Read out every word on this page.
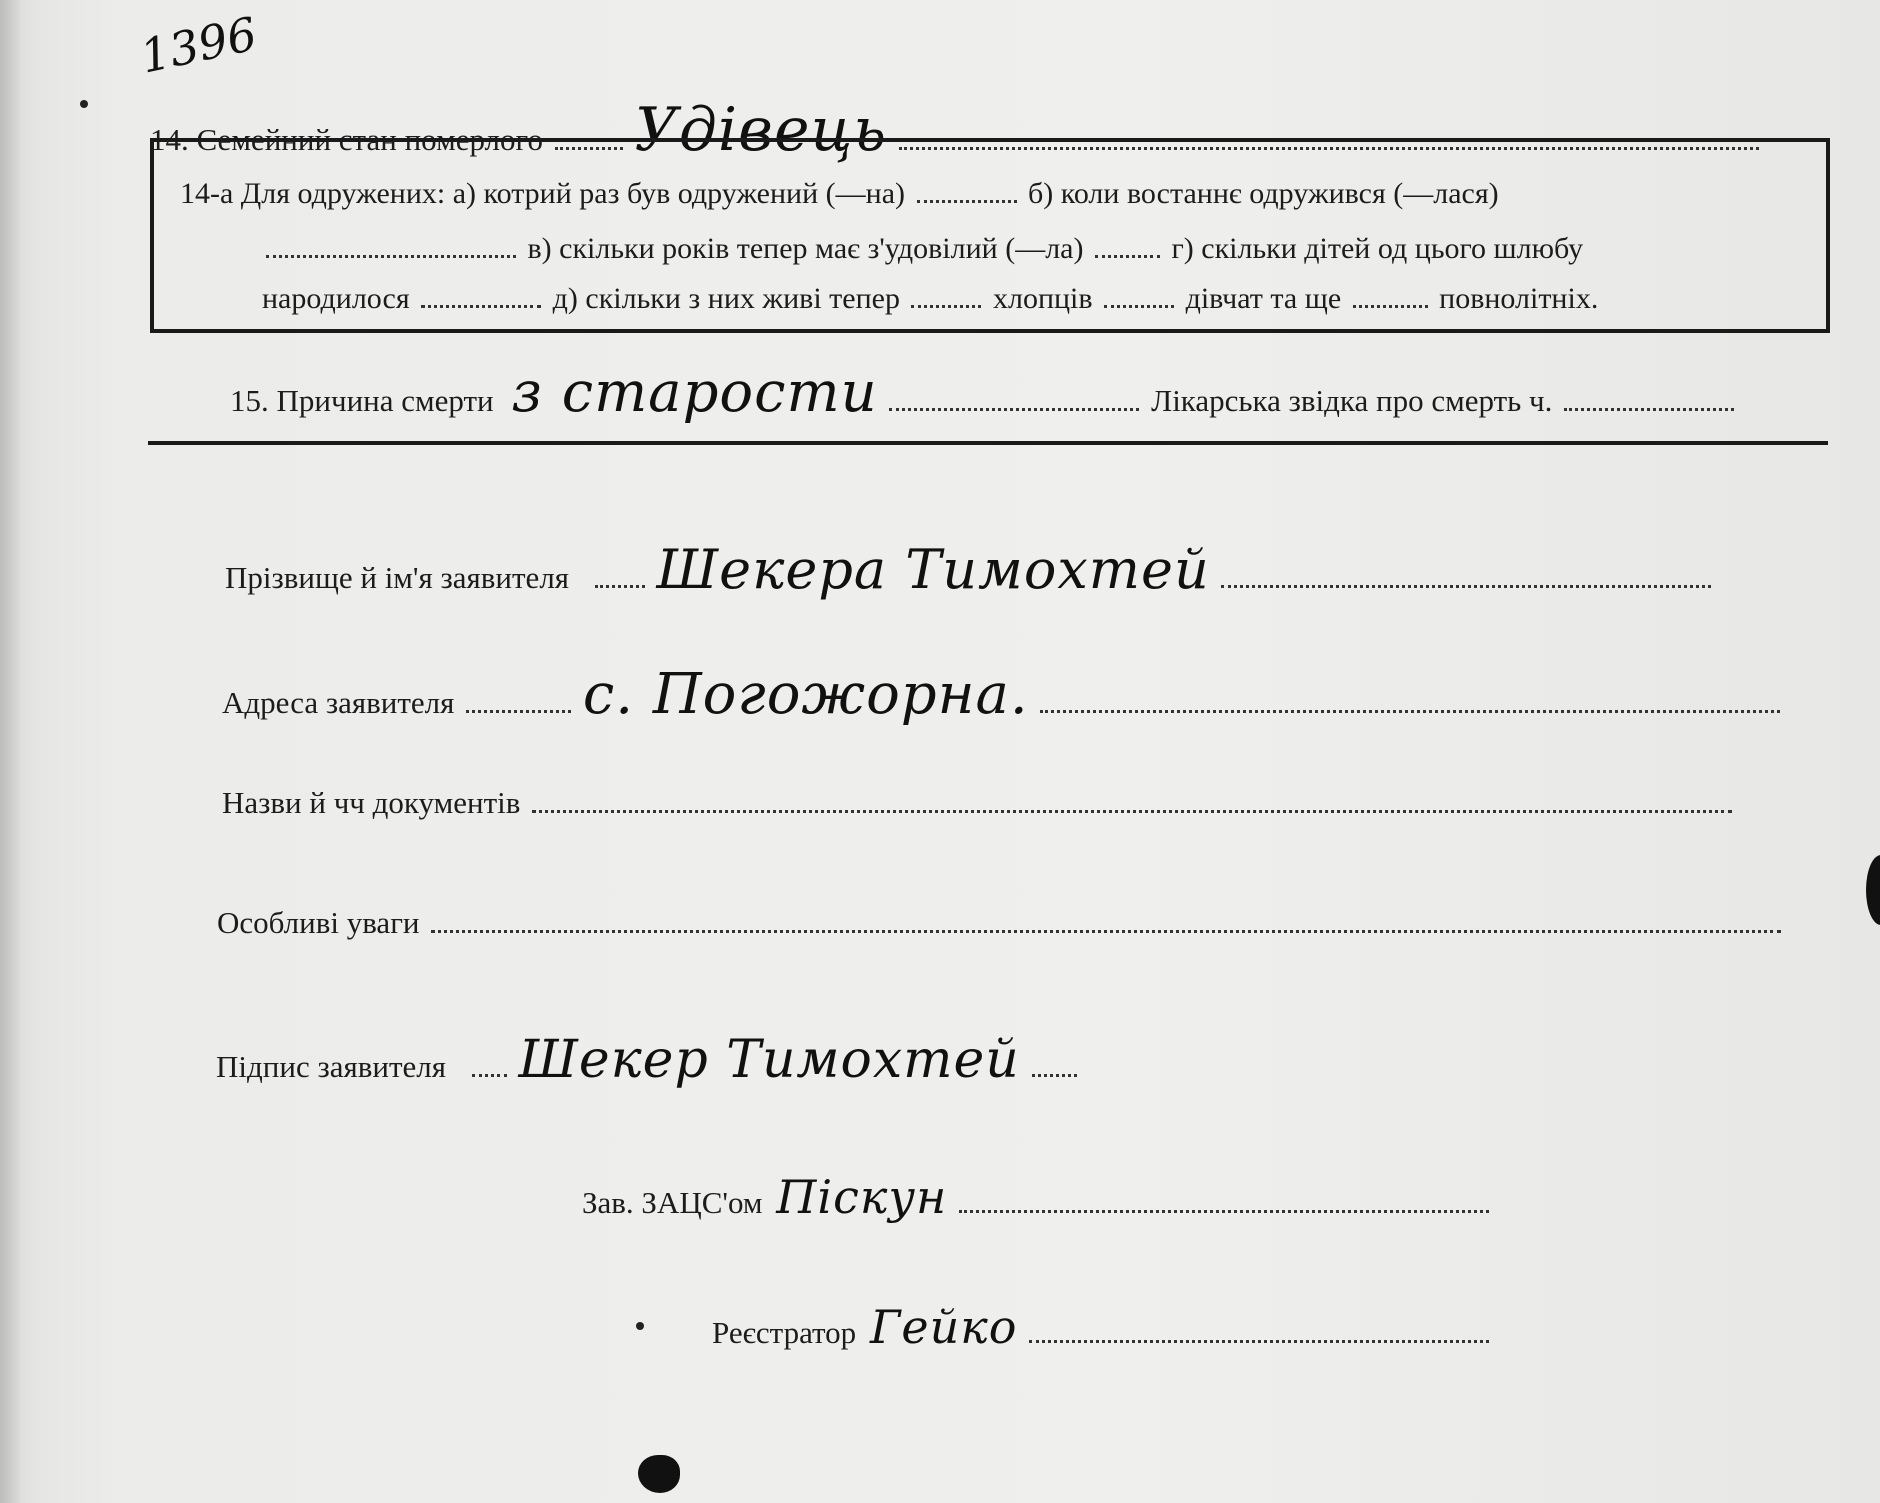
1396
14. Семейний стан померлого Удівець
14-а Для одружених: а) котрий раз був одружений (—на)	б) коли востаннє одружився (—лася)
в) скільки років тепер має з'удовілий (—ла)	г) скільки дітей од цього шлюбу
народилося	д) скільки з них живі тепер	хлопців	дівчат та ще	повнолітніх.
15. Причина смерти з старости	Лікарська звідка про смерть ч.
Прізвище й ім'я заявителя Шекера Тимохтей
Адреса заявителя с. Погожорна.
Назви й чч документів
Особливі уваги
Підпис заявителя Шекер Тимохтей
Зав. ЗАЦС'ом Піскун
Реєстратор Гейко
